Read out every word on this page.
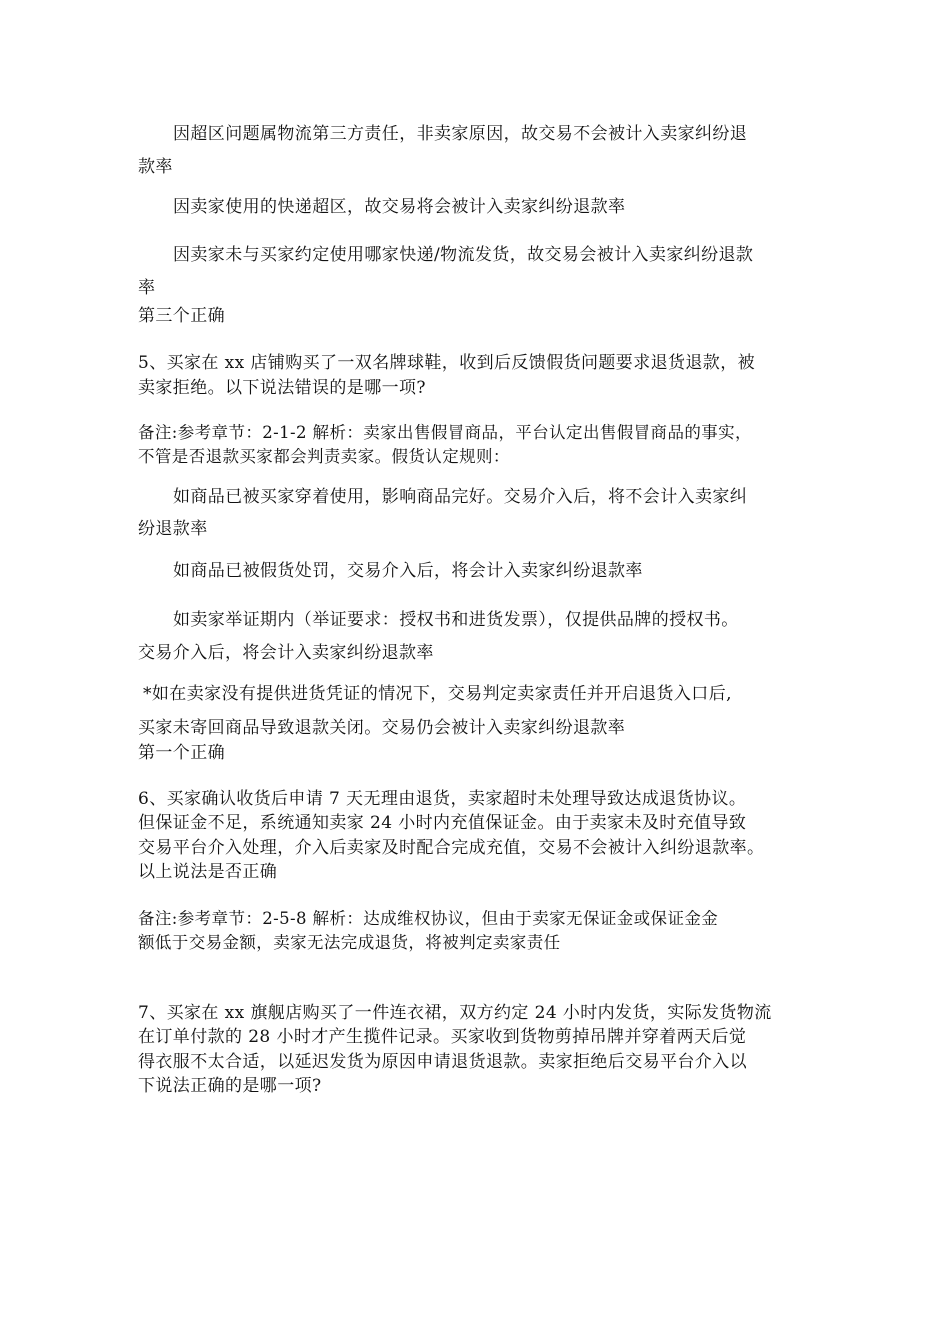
因超区问题属物流第三方责任，非卖家原因，故交易不会被计入卖家纠纷退

款率

因卖家使用的快递超区，故交易将会被计入卖家纠纷退款率

因卖家未与买家约定使用哪家快递/物流发货，故交易会被计入卖家纠纷退款

率

第三个正确

5、买家在 xx 店铺购买了一双名牌球鞋，收到后反馈假货问题要求退货退款，被

卖家拒绝。以下说法错误的是哪一项?

备注:参考章节：2-1-2 解析：卖家出售假冒商品，平台认定出售假冒商品的事实，

不管是否退款买家都会判责卖家。假货认定规则：

如商品已被买家穿着使用，影响商品完好。交易介入后，将不会计入卖家纠

纷退款率

如商品已被假货处罚，交易介入后，将会计入卖家纠纷退款率

如卖家举证期内（举证要求：授权书和进货发票），仅提供品牌的授权书。

交易介入后，将会计入卖家纠纷退款率

*如在卖家没有提供进货凭证的情况下，交易判定卖家责任并开启退货入口后,

买家未寄回商品导致退款关闭。交易仍会被计入卖家纠纷退款率

第一个正确

6、买家确认收货后申请 7 天无理由退货，卖家超时未处理导致达成退货协议。

但保证金不足，系统通知卖家 24 小时内充值保证金。由于卖家未及时充值导致

交易平台介入处理，介入后卖家及时配合完成充值，交易不会被计入纠纷退款率。

以上说法是否正确

备注:参考章节：2-5-8 解析：达成维权协议，但由于卖家无保证金或保证金金

额低于交易金额，卖家无法完成退货，将被判定卖家责任

7、买家在 xx 旗舰店购买了一件连衣裙，双方约定 24 小时内发货，实际发货物流

在订单付款的 28 小时才产生揽件记录。买家收到货物剪掉吊牌并穿着两天后觉

得衣服不太合适，以延迟发货为原因申请退货退款。卖家拒绝后交易平台介入以

下说法正确的是哪一项?
